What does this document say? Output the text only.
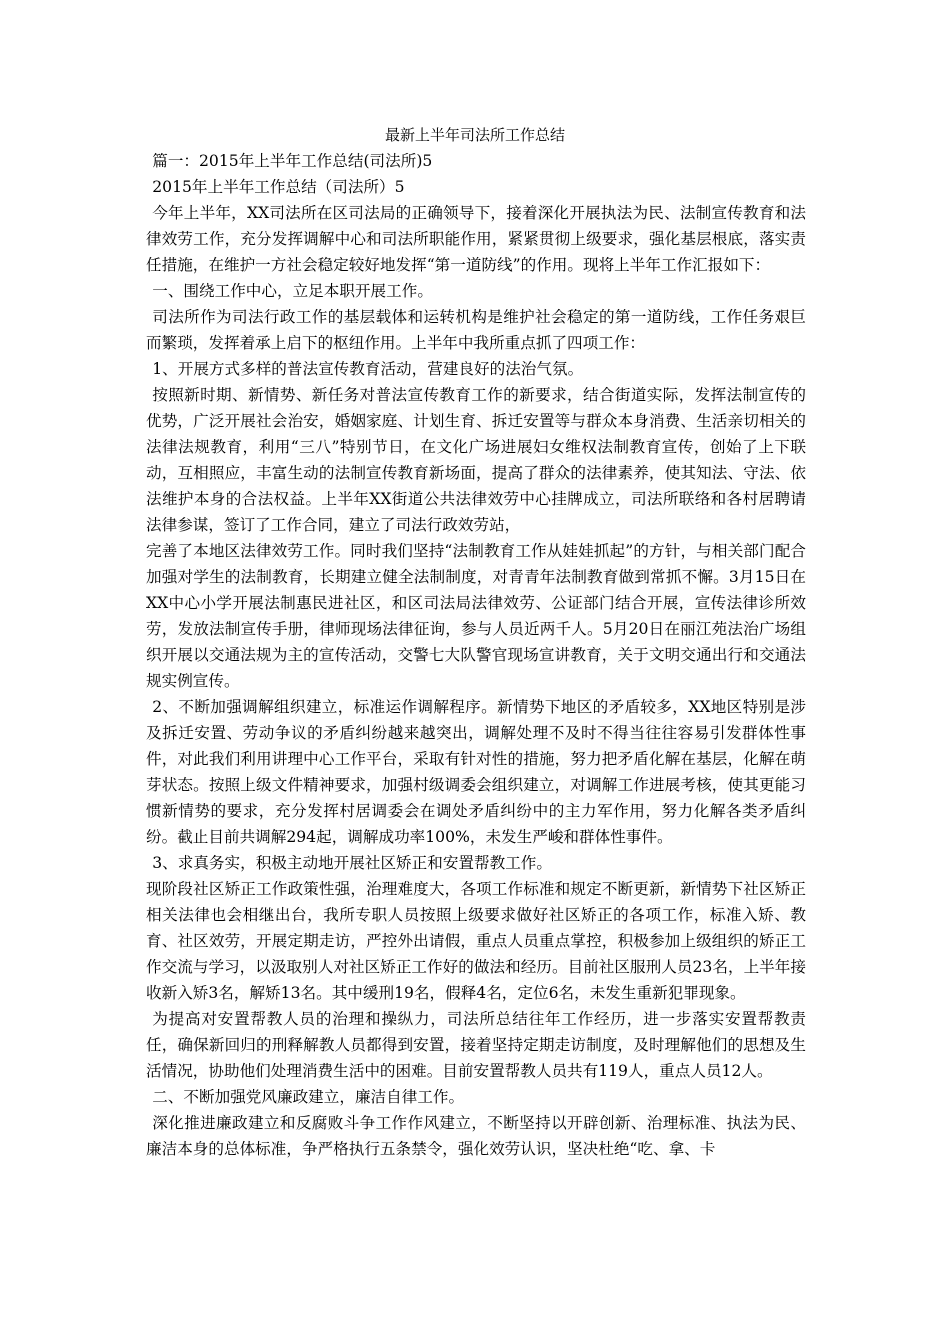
最新上半年司法所工作总结

篇一：2015年上半年工作总结(司法所)5

2015年上半年工作总结（司法所）5

今年上半年，XX司法所在区司法局的正确领导下，接着深化开展执法为民、法制宣传教育和法律效劳工作，充分发挥调解中心和司法所职能作用，紧紧贯彻上级要求，强化基层根底，落实责任措施，在维护一方社会稳定较好地发挥“第一道防线”的作用。现将上半年工作汇报如下：

一、围绕工作中心，立足本职开展工作。

司法所作为司法行政工作的基层载体和运转机构是维护社会稳定的第一道防线，工作任务艰巨而繁琐，发挥着承上启下的枢纽作用。上半年中我所重点抓了四项工作：

1、开展方式多样的普法宣传教育活动，营建良好的法治气氛。

按照新时期、新情势、新任务对普法宣传教育工作的新要求，结合街道实际，发挥法制宣传的优势，广泛开展社会治安，婚姻家庭、计划生育、拆迁安置等与群众本身消费、生活亲切相关的法律法规教育，利用“三八”特别节日，在文化广场进展妇女维权法制教育宣传，创始了上下联动，互相照应，丰富生动的法制宣传教育新场面，提高了群众的法律素养，使其知法、守法、依法维护本身的合法权益。上半年XX街道公共法律效劳中心挂牌成立，司法所联络和各村居聘请法律参谋，签订了工作合同，建立了司法行政效劳站，

完善了本地区法律效劳工作。同时我们坚持“法制教育工作从娃娃抓起”的方针，与相关部门配合加强对学生的法制教育，长期建立健全法制制度，对青青年法制教育做到常抓不懈。3月15日在XX中心小学开展法制惠民进社区，和区司法局法律效劳、公证部门结合开展，宣传法律诊所效劳，发放法制宣传手册，律师现场法律征询，参与人员近两千人。5月20日在丽江苑法治广场组织开展以交通法规为主的宣传活动，交警七大队警官现场宣讲教育，关于文明交通出行和交通法规实例宣传。

2、不断加强调解组织建立，标准运作调解程序。新情势下地区的矛盾较多，XX地区特别是涉及拆迁安置、劳动争议的矛盾纠纷越来越突出，调解处理不及时不得当往往容易引发群体性事件，对此我们利用讲理中心工作平台，采取有针对性的措施，努力把矛盾化解在基层，化解在萌芽状态。按照上级文件精神要求，加强村级调委会组织建立，对调解工作进展考核，使其更能习惯新情势的要求，充分发挥村居调委会在调处矛盾纠纷中的主力军作用，努力化解各类矛盾纠纷。截止目前共调解294起，调解成功率100%，未发生严峻和群体性事件。

3、求真务实，积极主动地开展社区矫正和安置帮教工作。

现阶段社区矫正工作政策性强，治理难度大，各项工作标准和规定不断更新，新情势下社区矫正相关法律也会相继出台，我所专职人员按照上级要求做好社区矫正的各项工作，标准入矫、教育、社区效劳，开展定期走访，严控外出请假，重点人员重点掌控，积极参加上级组织的矫正工作交流与学习，以汲取别人对社区矫正工作好的做法和经历。目前社区服刑人员23名，上半年接收新入矫3名，解矫13名。其中缓刑19名，假释4名，定位6名，未发生重新犯罪现象。

为提高对安置帮教人员的治理和操纵力，司法所总结往年工作经历，进一步落实安置帮教责任，确保新回归的刑释解教人员都得到安置，接着坚持定期走访制度，及时理解他们的思想及生活情况，协助他们处理消费生活中的困难。目前安置帮教人员共有119人，重点人员12人。

二、不断加强党风廉政建立，廉洁自律工作。

深化推进廉政建立和反腐败斗争工作作风建立，不断坚持以开辟创新、治理标准、执法为民、廉洁本身的总体标准，争严格执行五条禁令，强化效劳认识，坚决杜绝“吃、拿、卡
